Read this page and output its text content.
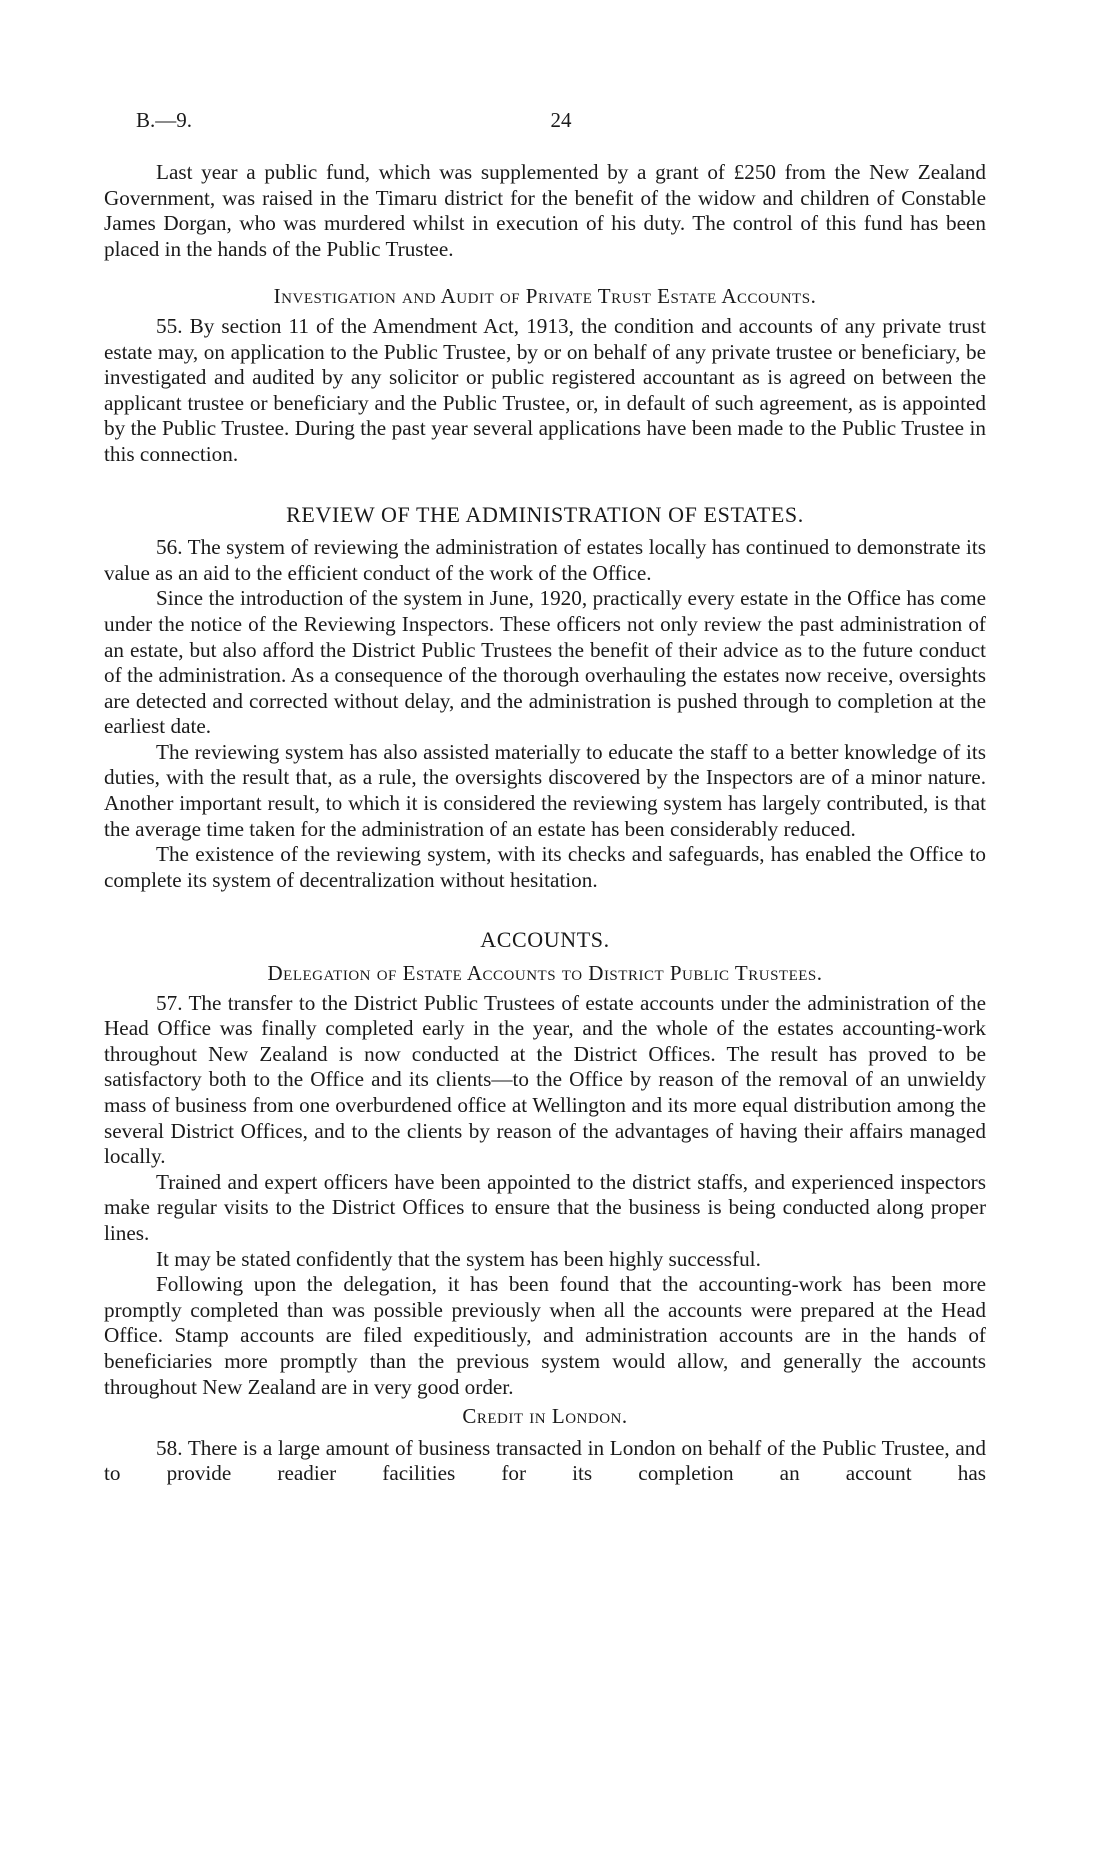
B.—9.	24

Last year a public fund, which was supplemented by a grant of £250 from the New Zealand Government, was raised in the Timaru district for the benefit of the widow and children of Constable James Dorgan, who was murdered whilst in execution of his duty. The control of this fund has been placed in the hands of the Public Trustee.

Investigation and Audit of Private Trust Estate Accounts.

55. By section 11 of the Amendment Act, 1913, the condition and accounts of any private trust estate may, on application to the Public Trustee, by or on behalf of any private trustee or beneficiary, be investigated and audited by any solicitor or public registered accountant as is agreed on between the applicant trustee or beneficiary and the Public Trustee, or, in default of such agreement, as is appointed by the Public Trustee. During the past year several applications have been made to the Public Trustee in this connection.

REVIEW OF THE ADMINISTRATION OF ESTATES.

56. The system of reviewing the administration of estates locally has continued to demonstrate its value as an aid to the efficient conduct of the work of the Office.

Since the introduction of the system in June, 1920, practically every estate in the Office has come under the notice of the Reviewing Inspectors. These officers not only review the past administration of an estate, but also afford the District Public Trustees the benefit of their advice as to the future conduct of the administration. As a consequence of the thorough overhauling the estates now receive, oversights are detected and corrected without delay, and the administration is pushed through to completion at the earliest date.

The reviewing system has also assisted materially to educate the staff to a better knowledge of its duties, with the result that, as a rule, the oversights discovered by the Inspectors are of a minor nature. Another important result, to which it is considered the reviewing system has largely contributed, is that the average time taken for the administration of an estate has been considerably reduced.

The existence of the reviewing system, with its checks and safeguards, has enabled the Office to complete its system of decentralization without hesitation.

ACCOUNTS.
Delegation of Estate Accounts to District Public Trustees.

57. The transfer to the District Public Trustees of estate accounts under the administration of the Head Office was finally completed early in the year, and the whole of the estates accounting-work throughout New Zealand is now conducted at the District Offices. The result has proved to be satisfactory both to the Office and its clients—to the Office by reason of the removal of an unwieldy mass of business from one overburdened office at Wellington and its more equal distribution among the several District Offices, and to the clients by reason of the advantages of having their affairs managed locally.

Trained and expert officers have been appointed to the district staffs, and experienced inspectors make regular visits to the District Offices to ensure that the business is being conducted along proper lines.

It may be stated confidently that the system has been highly successful.

Following upon the delegation, it has been found that the accounting-work has been more promptly completed than was possible previously when all the accounts were prepared at the Head Office. Stamp accounts are filed expeditiously, and administration accounts are in the hands of beneficiaries more promptly than the previous system would allow, and generally the accounts throughout New Zealand are in very good order.

Credit in London.

58. There is a large amount of business transacted in London on behalf of the Public Trustee, and to provide readier facilities for its completion an account has
